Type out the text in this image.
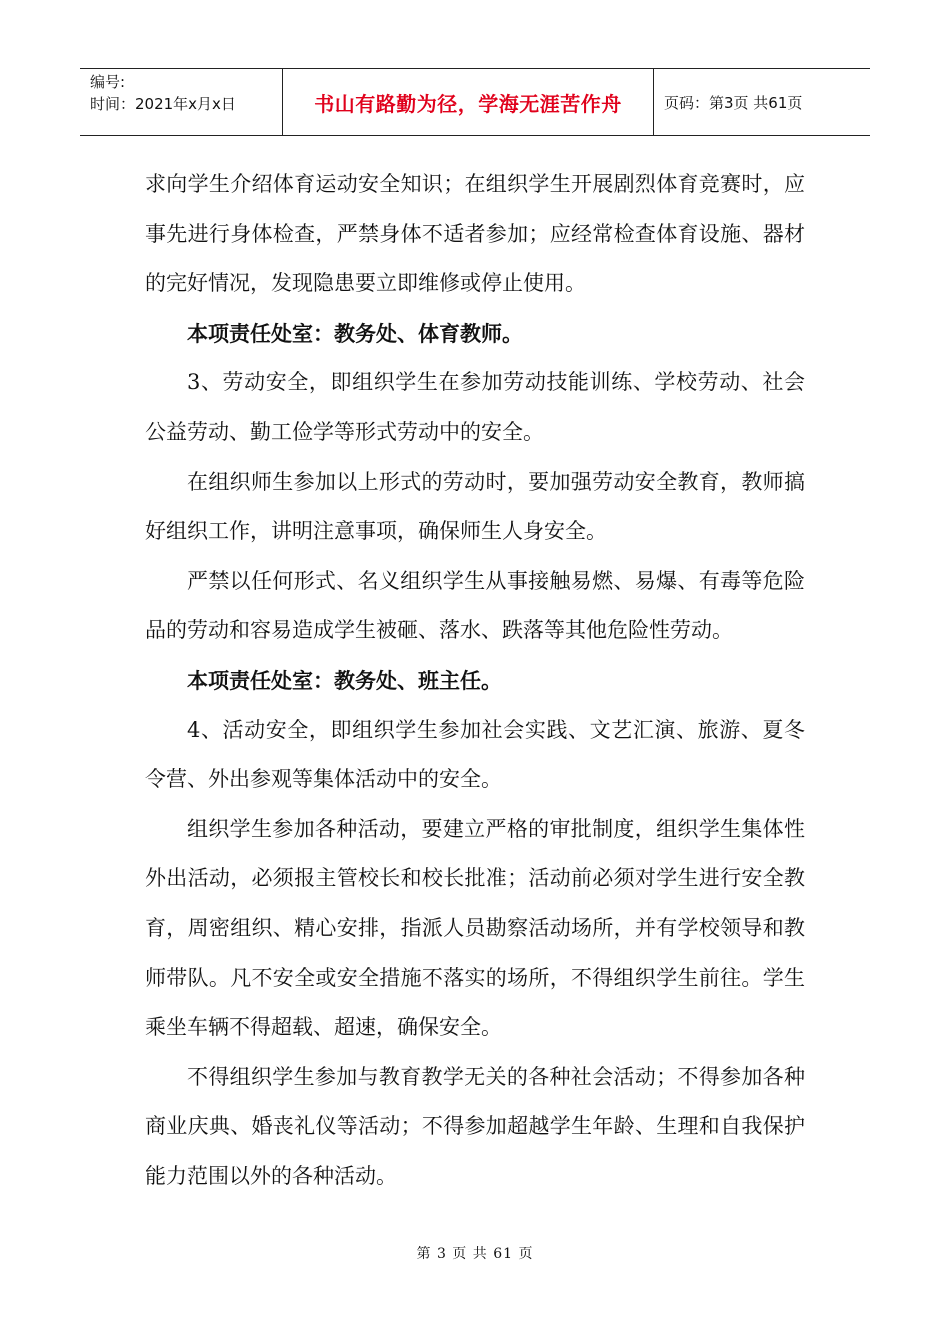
编号:
时间：2021年x月x日	书山有路勤为径，学海无涯苦作舟	页码：第3页 共61页

求向学生介绍体育运动安全知识；在组织学生开展剧烈体育竞赛时，应事先进行身体检查，严禁身体不适者参加；应经常检查体育设施、器材的完好情况，发现隐患要立即维修或停止使用。

本项责任处室：教务处、体育教师。

3、劳动安全，即组织学生在参加劳动技能训练、学校劳动、社会公益劳动、勤工俭学等形式劳动中的安全。

在组织师生参加以上形式的劳动时，要加强劳动安全教育，教师搞好组织工作，讲明注意事项，确保师生人身安全。

严禁以任何形式、名义组织学生从事接触易燃、易爆、有毒等危险品的劳动和容易造成学生被砸、落水、跌落等其他危险性劳动。

本项责任处室：教务处、班主任。

4、活动安全，即组织学生参加社会实践、文艺汇演、旅游、夏冬令营、外出参观等集体活动中的安全。

组织学生参加各种活动，要建立严格的审批制度，组织学生集体性外出活动，必须报主管校长和校长批准；活动前必须对学生进行安全教育，周密组织、精心安排，指派人员勘察活动场所，并有学校领导和教师带队。凡不安全或安全措施不落实的场所，不得组织学生前往。学生乘坐车辆不得超载、超速，确保安全。

不得组织学生参加与教育教学无关的各种社会活动；不得参加各种商业庆典、婚丧礼仪等活动；不得参加超越学生年龄、生理和自我保护能力范围以外的各种活动。

第 3 页 共 61 页
